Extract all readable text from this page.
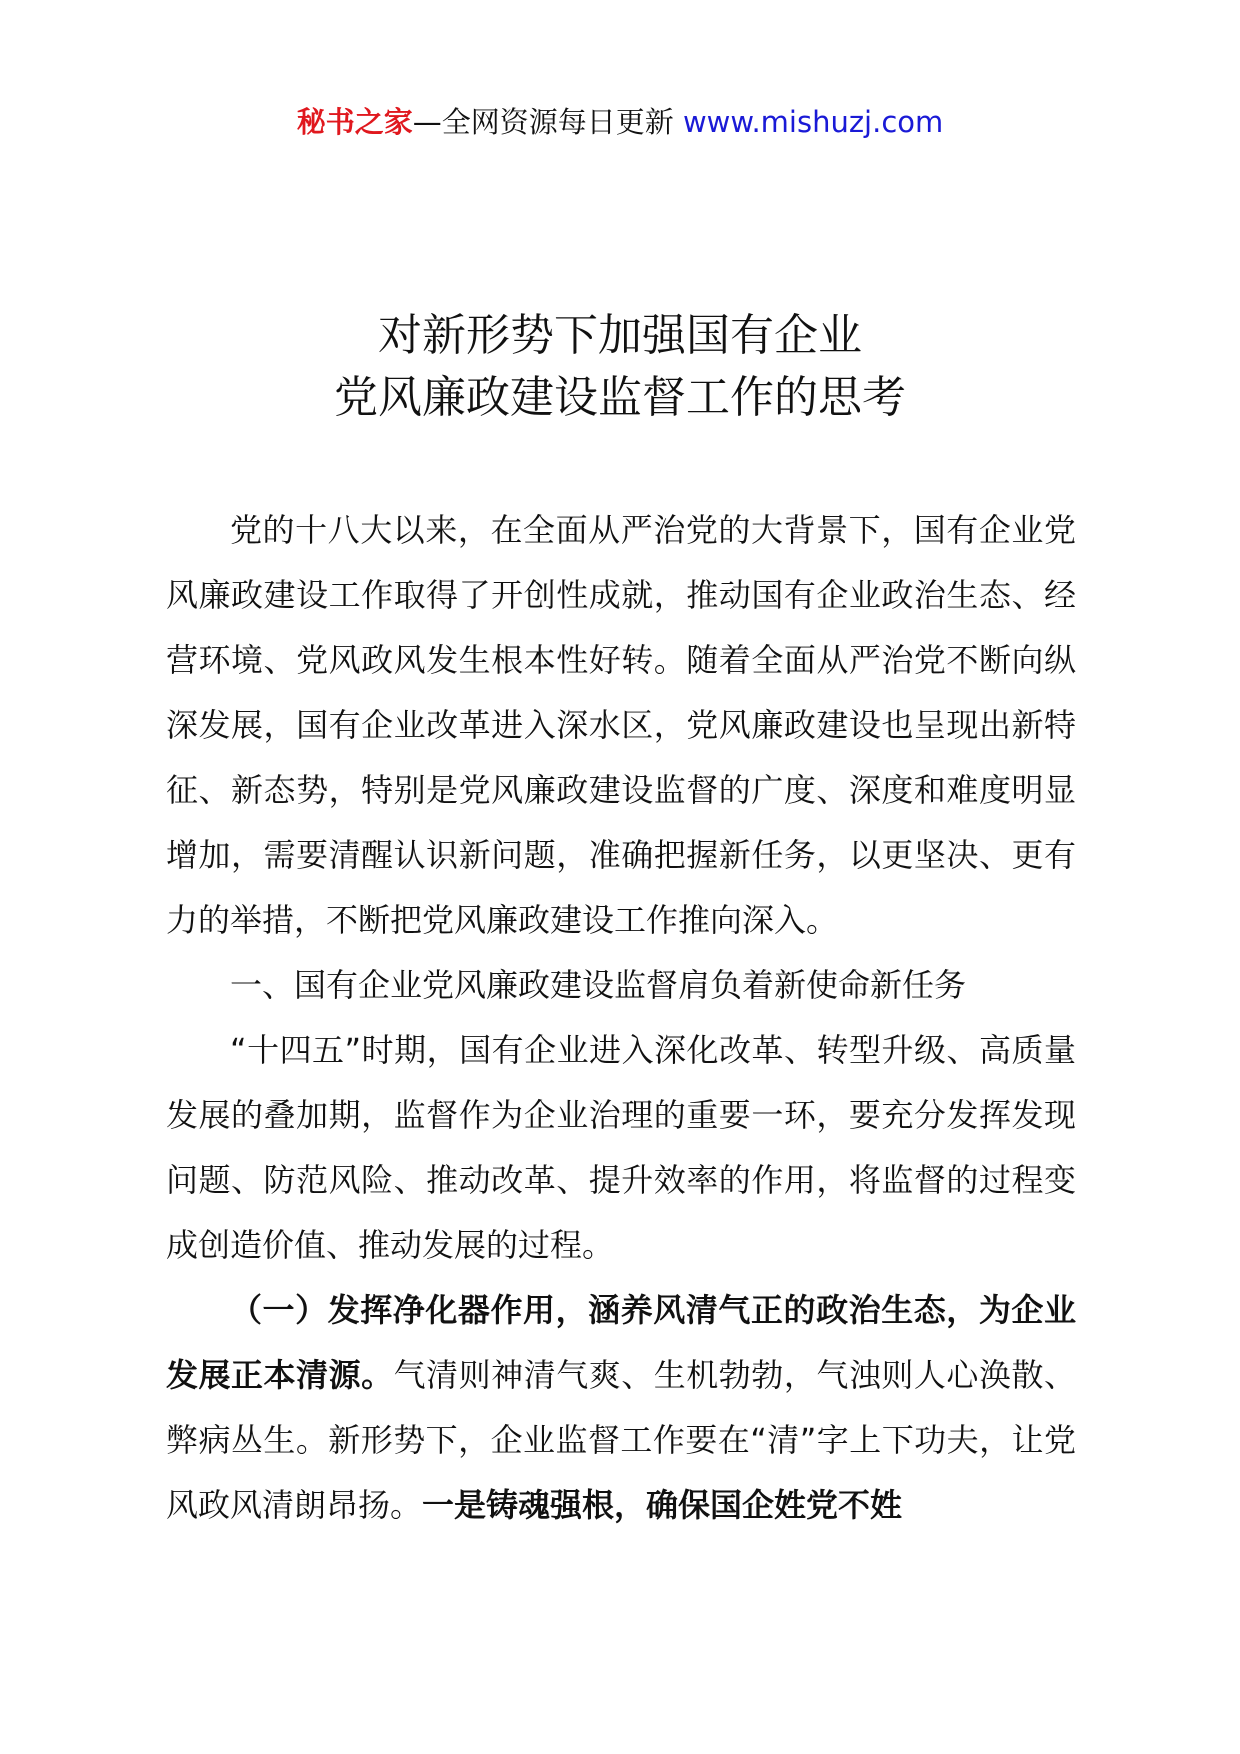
秘书之家—全网资源每日更新 www.mishuzj.com
对新形势下加强国有企业
党风廉政建设监督工作的思考

党的十八大以来，在全面从严治党的大背景下，国有企业党风廉政建设工作取得了开创性成就，推动国有企业政治生态、经营环境、党风政风发生根本性好转。随着全面从严治党不断向纵深发展，国有企业改革进入深水区，党风廉政建设也呈现出新特征、新态势，特别是党风廉政建设监督的广度、深度和难度明显增加，需要清醒认识新问题，准确把握新任务，以更坚决、更有力的举措，不断把党风廉政建设工作推向深入。

一、国有企业党风廉政建设监督肩负着新使命新任务

“十四五”时期，国有企业进入深化改革、转型升级、高质量发展的叠加期，监督作为企业治理的重要一环，要充分发挥发现问题、防范风险、推动改革、提升效率的作用，将监督的过程变成创造价值、推动发展的过程。

（一）发挥净化器作用，涵养风清气正的政治生态，为企业发展正本清源。气清则神清气爽、生机勃勃，气浊则人心涣散、弊病丛生。新形势下，企业监督工作要在“清”字上下功夫，让党风政风清朗昂扬。一是铸魂强根，确保国企姓党不姓
